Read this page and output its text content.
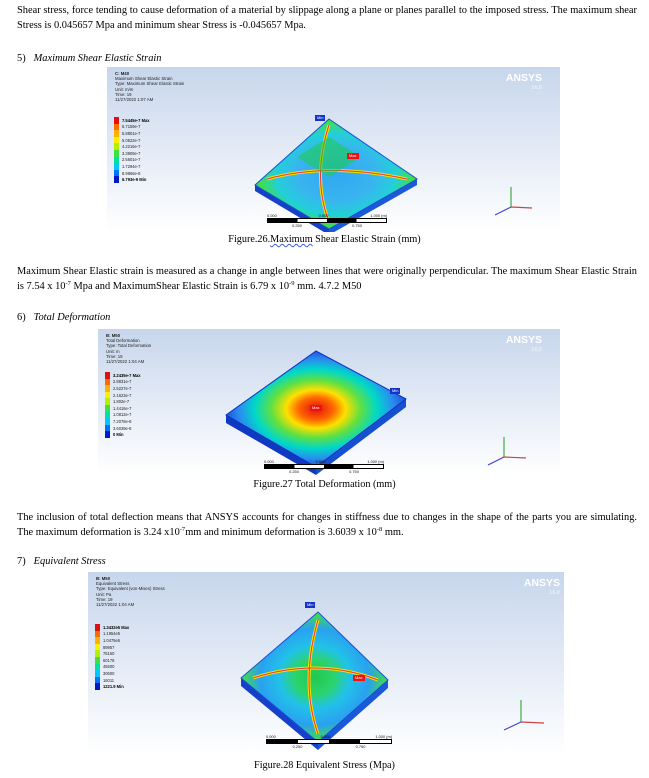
Shear stress, force tending to cause deformation of a material by slippage along a plane or planes parallel to the imposed stress. The maximum shear Stress is 0.045657 Mpa and minimum shear Stress is -0.045657 Mpa.
5) Maximum Shear Elastic Strain
C: M40
Maximum Shear Elastic Strain
Type: Maximum Shear Elastic Strain
Unit: m/m
Time: 19
11/27/2022 1:07 AM
7.5445e-7 Max
6.7159e-7
5.8801e-7
5.0522e-7
4.2216e-7
3.3908e-7
2.5601e-7
1.7294e-7
8.9866e-8
6.793e-9 Min
ANSYS
16.0
Min
Max
0.000	0.500	1.000 (m)
0.250	0.750
Figure.26.Maximum Shear Elastic Strain (mm)
Maximum Shear Elastic strain is measured as a change in angle between lines that were originally perpendicular. The maximum Shear Elastic Strain is 7.54 x $10^{-7}$ Mpa and MaximumShear Elastic Strain is 6.79 x $10^{-9}$ mm. 4.7.2 M50
6) Total Deformation
B: M50
Total Deformation
Type: Total Deformation
Unit: m
Time: 19
11/27/2022 1:04 AM
3.2435e-7 Max
2.8831e-7
2.5227e-7
2.1623e-7
1.802e-7
1.4416e-7
1.0812e-7
7.2078e-8
3.6039e-8
0 Min
ANSYS
16.0
Max
Min
0.000	0.500	1.000 (m)
0.250	0.750
Figure.27 Total Deformation (mm)
The inclusion of total deflection means that ANSYS accounts for changes in stiffness due to changes in the shape of the parts you are simulating. The maximum deformation is 3.24 $x10^{-7}mm$ and minimum deformation is 3.6039 x $10^{-8}$ mm.
7) Equivalent Stress
B: M50
Equivalent Stress
Type: Equivalent (von-Mises) Stress
Unit: Pa
Time: 19
11/27/2022 1:04 AM
1.3432e5 Max
1.1954e5
1.0475e5
89957
75160
60178
45500
30600
16011
1221.9 Min
ANSYS
16.0
Min
Max
0.000	0.500	1.000 (m)
0.250	0.750
Figure.28 Equivalent Stress (Mpa)
